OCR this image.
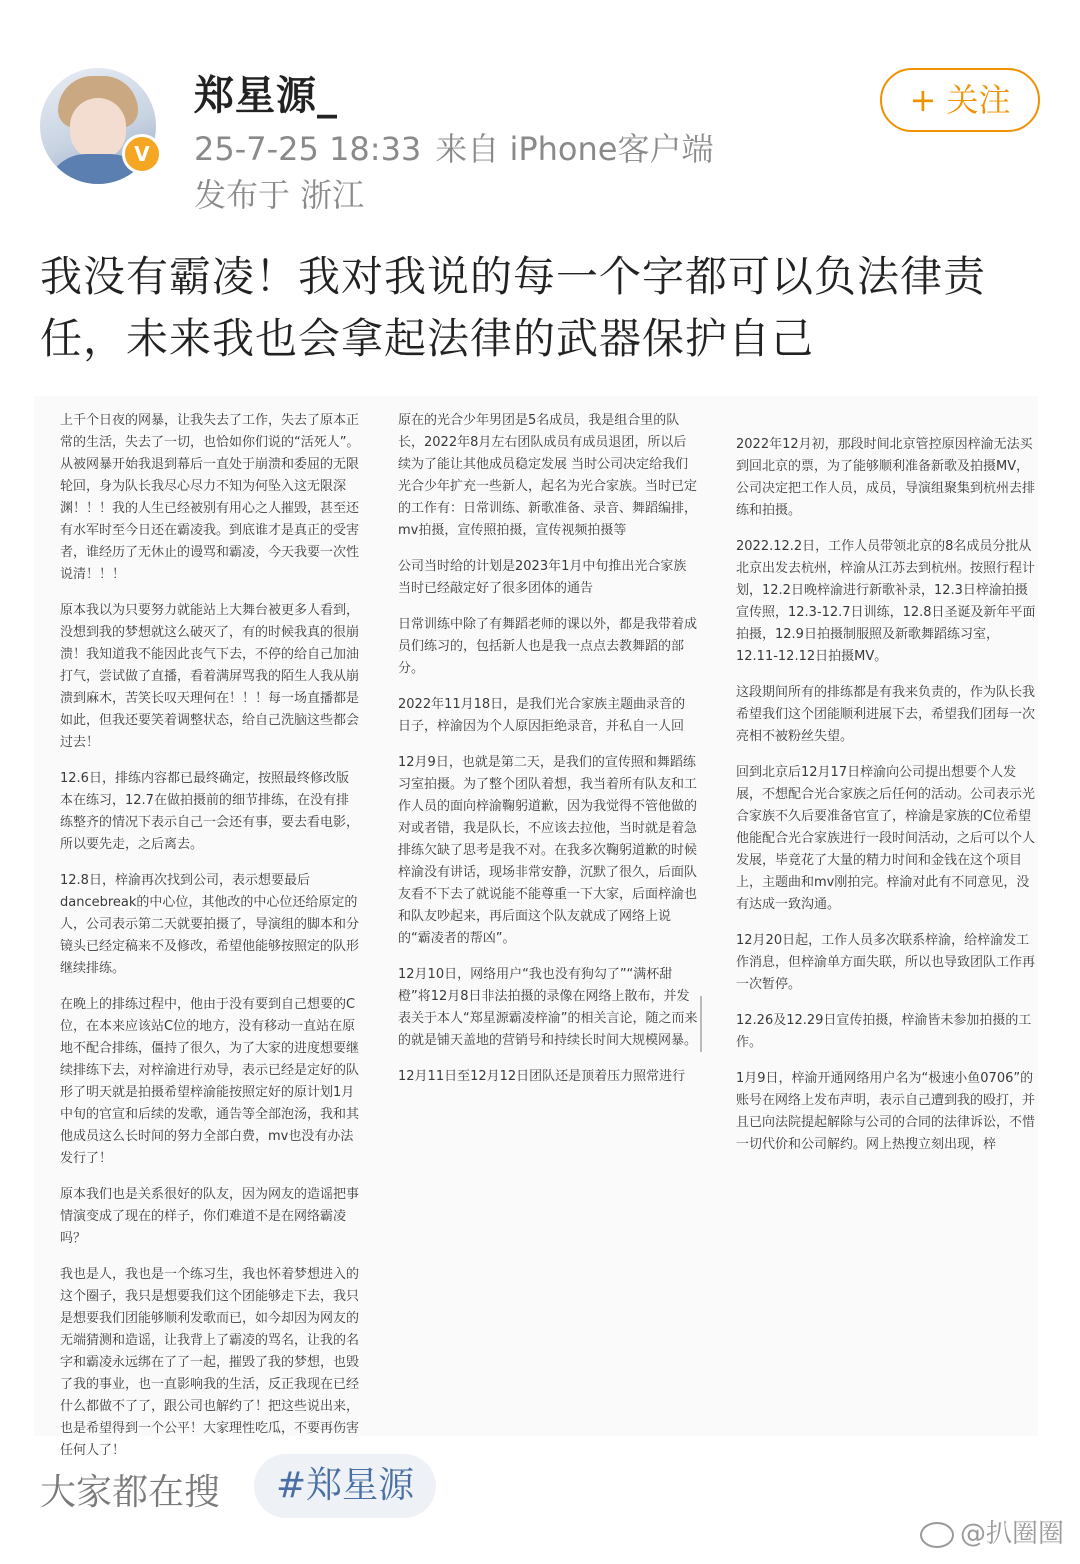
V
郑星源_
25-7-25 18:33 来自 iPhone客户端
发布于 浙江
+ 关注
我没有霸凌！我对我说的每一个字都可以负法律责任，未来我也会拿起法律的武器保护自己

上千个日夜的网暴，让我失去了工作，失去了原本正常的生活，失去了一切，也恰如你们说的“活死人”。从被网暴开始我退到幕后一直处于崩溃和委屈的无限轮回，身为队长我尽心尽力不知为何坠入这无限深渊！！！我的人生已经被别有用心之人摧毁，甚至还有水军时至今日还在霸凌我。到底谁才是真正的受害者，谁经历了无休止的谩骂和霸凌，今天我要一次性说清！！！

原本我以为只要努力就能站上大舞台被更多人看到，没想到我的梦想就这么破灭了，有的时候我真的很崩溃！我知道我不能因此丧气下去，不停的给自己加油打气，尝试做了直播，看着满屏骂我的陌生人我从崩溃到麻木，苦笑长叹天理何在！！！每一场直播都是如此，但我还要笑着调整状态，给自己洗脑这些都会过去！

12.6日，排练内容都已最终确定，按照最终修改版本在练习，12.7在做拍摄前的细节排练，在没有排练整齐的情况下表示自己一会还有事，要去看电影，所以要先走，之后离去。

12.8日，梓渝再次找到公司，表示想要最后dancebreak的中心位，其他改的中心位还给原定的人，公司表示第二天就要拍摄了，导演组的脚本和分镜头已经定稿来不及修改，希望他能够按照定的队形继续排练。

在晚上的排练过程中，他由于没有要到自己想要的C位，在本来应该站C位的地方，没有移动一直站在原地不配合排练，僵持了很久，为了大家的进度想要继续排练下去，对梓渝进行劝导，表示已经是定好的队形了明天就是拍摄希望梓渝能按照定好的原计划1月中旬的官宣和后续的发歌，通告等全部泡汤，我和其他成员这么长时间的努力全部白费，mv也没有办法发行了！

原本我们也是关系很好的队友，因为网友的造谣把事情演变成了现在的样子，你们难道不是在网络霸凌吗？

我也是人，我也是一个练习生，我也怀着梦想进入的这个圈子，我只是想要我们这个团能够走下去，我只是想要我们团能够顺利发歌而已，如今却因为网友的无端猜测和造谣，让我背上了霸凌的骂名，让我的名字和霸凌永远绑在了了一起，摧毁了我的梦想，也毁了我的事业，也一直影响我的生活，反正我现在已经什么都做不了了，跟公司也解约了！把这些说出来，也是希望得到一个公平！大家理性吃瓜，不要再伤害任何人了！

原在的光合少年男团是5名成员，我是组合里的队长，2022年8月左右团队成员有成员退团，所以后续为了能让其他成员稳定发展 当时公司决定给我们光合少年扩充一些新人，起名为光合家族。当时已定的工作有：日常训练、新歌准备、录音、舞蹈编排，mv拍摄，宣传照拍摄，宣传视频拍摄等

公司当时给的计划是2023年1月中旬推出光合家族当时已经敲定好了很多团体的通告

日常训练中除了有舞蹈老师的课以外，都是我带着成员们练习的，包括新人也是我一点点去教舞蹈的部分。

2022年11月18日，是我们光合家族主题曲录音的日子，梓渝因为个人原因拒绝录音，并私自一人回

12月9日，也就是第二天，是我们的宣传照和舞蹈练习室拍摄。为了整个团队着想，我当着所有队友和工作人员的面向梓渝鞠躬道歉，因为我觉得不管他做的对或者错，我是队长，不应该去拉他，当时就是着急排练欠缺了思考是我不对。在我多次鞠躬道歉的时候梓渝没有讲话，现场非常安静，沉默了很久，后面队友看不下去了就说能不能尊重一下大家，后面梓渝也和队友吵起来，再后面这个队友就成了网络上说的“霸凌者的帮凶”。

12月10日，网络用户“我也没有狗勾了”“满杯甜橙”将12月8日非法拍摄的录像在网络上散布，并发表关于本人“郑星源霸凌梓渝”的相关言论，随之而来的就是铺天盖地的营销号和持续长时间大规模网暴。

12月11日至12月12日团队还是顶着压力照常进行

2022年12月初，那段时间北京管控原因梓渝无法买到回北京的票，为了能够顺利准备新歌及拍摄MV，公司决定把工作人员，成员，导演组聚集到杭州去排练和拍摄。

2022.12.2日，工作人员带领北京的8名成员分批从北京出发去杭州，梓渝从江苏去到杭州。按照行程计划，12.2日晚梓渝进行新歌补录，12.3日梓渝拍摄宣传照，12.3-12.7日训练，12.8日圣诞及新年平面拍摄，12.9日拍摄制服照及新歌舞蹈练习室，12.11-12.12日拍摄MV。

这段期间所有的排练都是有我来负责的，作为队长我希望我们这个团能顺利进展下去，希望我们团每一次亮相不被粉丝失望。

回到北京后12月17日梓渝向公司提出想要个人发展，不想配合光合家族之后任何的活动。公司表示光合家族不久后要准备官宣了，梓渝是家族的C位希望他能配合光合家族进行一段时间活动，之后可以个人发展，毕竟花了大量的精力时间和金钱在这个项目上，主题曲和mv刚拍完。梓渝对此有不同意见，没有达成一致沟通。

12月20日起，工作人员多次联系梓渝，给梓渝发工作消息，但梓渝单方面失联，所以也导致团队工作再一次暂停。

12.26及12.29日宣传拍摄，梓渝皆未参加拍摄的工作。

1月9日，梓渝开通网络用户名为“极速小鱼0706”的账号在网络上发布声明，表示自己遭到我的殴打，并且已向法院提起解除与公司的合同的法律诉讼，不惜一切代价和公司解约。网上热搜立刻出现，梓

大家都在搜	#郑星源
@扒圈圈
